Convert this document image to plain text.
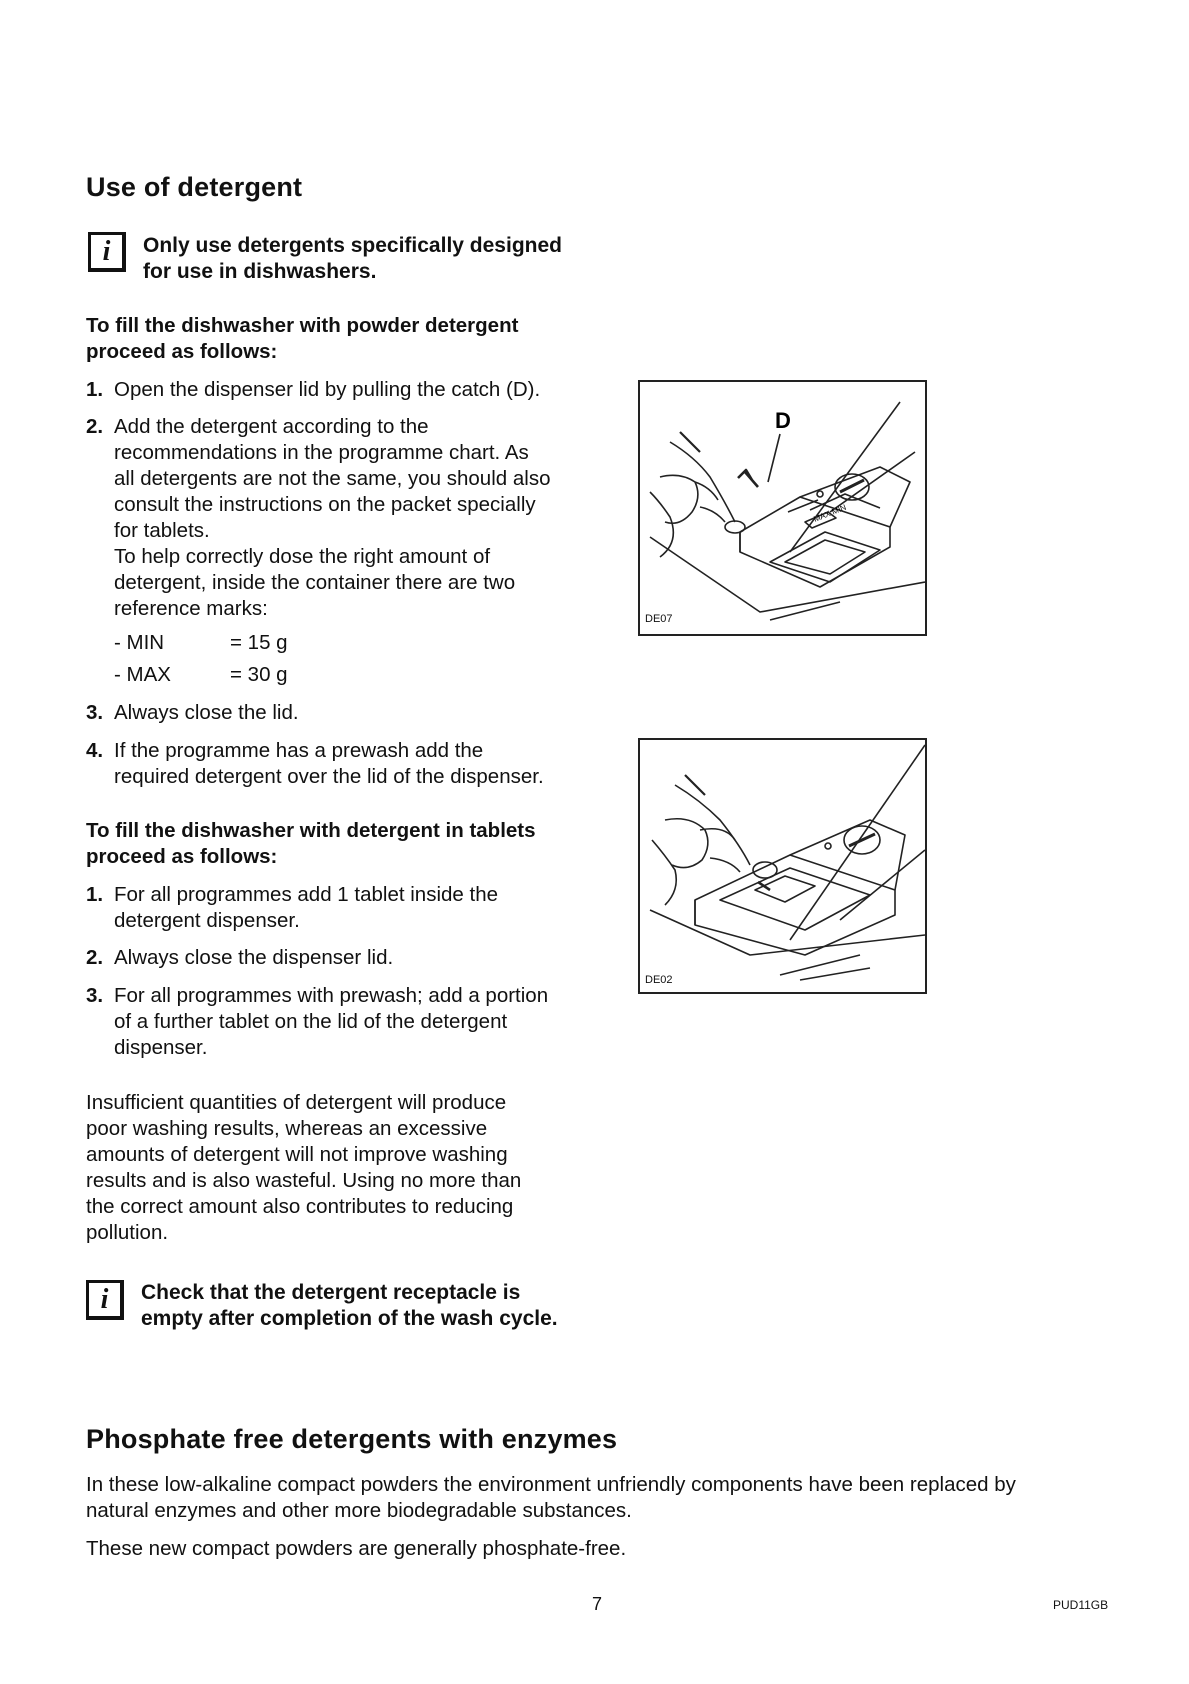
Use of detergent
i	Only use detergents specifically designed
for use in dishwashers.
To fill the dishwasher with powder detergent
proceed as follows:
1. Open the dispenser lid by pulling the catch (D).
2. Add the detergent according to the
recommendations in the programme chart. As
all detergents are not the same, you should also
consult the instructions on the packet specially
for tablets.
To help correctly dose the right amount of
detergent, inside the container there are two
reference marks:
- MIN	= 15 g
- MAX	= 30 g
3. Always close the lid.
4. If the programme has a prewash add the
required detergent over the lid of the dispenser.
To fill the dishwasher with detergent in tablets
proceed as follows:
1. For all programmes add 1 tablet inside the
detergent dispenser.
2. Always close the dispenser lid.
3. For all programmes with prewash; add a portion
of a further tablet on the lid of the detergent
dispenser.
Insufficient quantities of detergent will produce
poor washing results, whereas an excessive
amounts of detergent will not improve washing
results and is also wasteful. Using no more than
the correct amount also contributes to reducing
pollution.
i	Check that the detergent receptacle is
empty after completion of the wash cycle.
D
MAX MIN
DE07
DE02
Phosphate free detergents with enzymes
In these low-alkaline compact powders the environment unfriendly components have been replaced by
natural enzymes and other more biodegradable substances.
These new compact powders are generally phosphate-free.
7	PUD11GB
